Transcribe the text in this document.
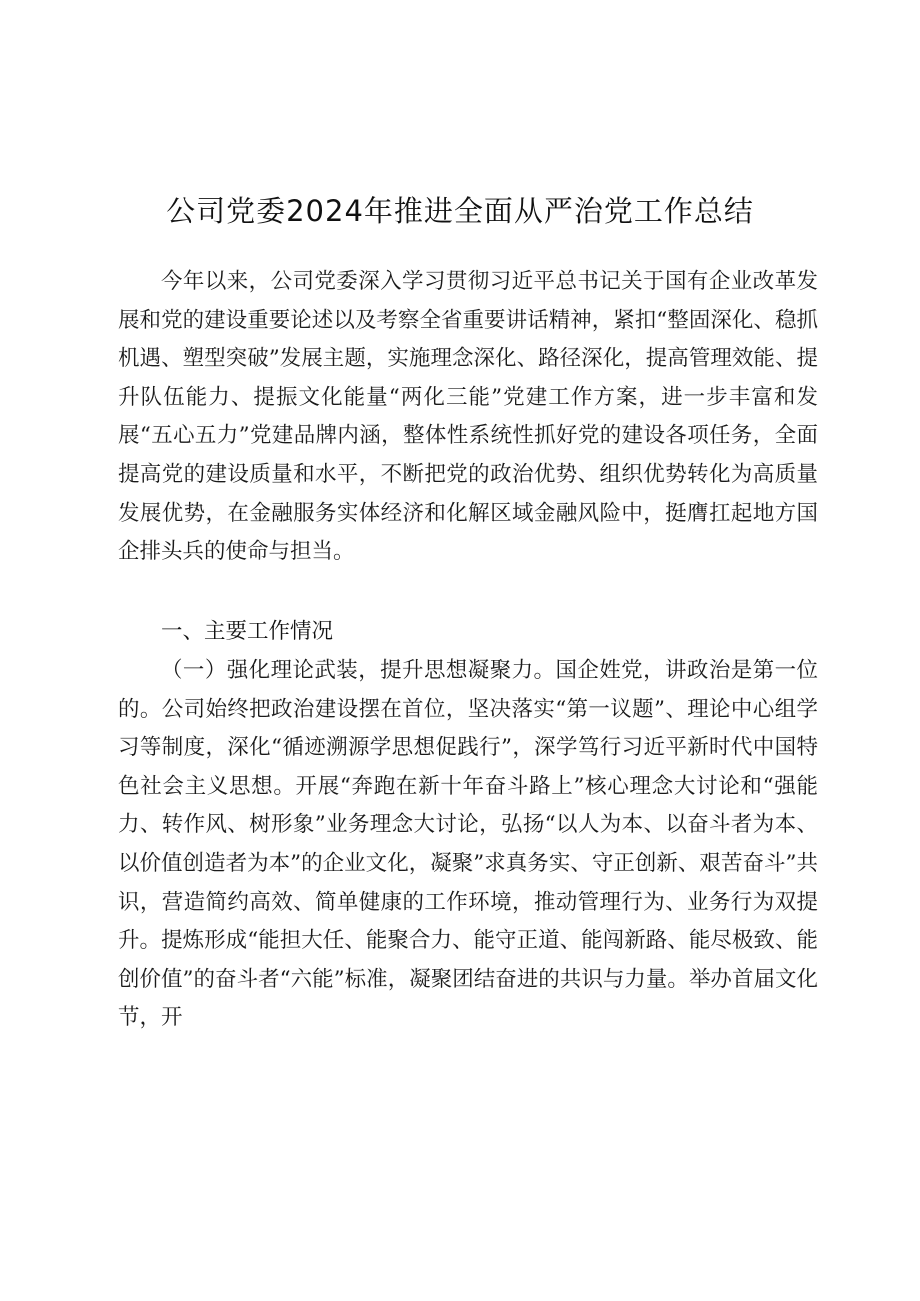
公司党委2024年推进全面从严治党工作总结

今年以来，公司党委深入学习贯彻习近平总书记关于国有企业改革发展和党的建设重要论述以及考察全省重要讲话精神，紧扣“整固深化、稳抓机遇、塑型突破”发展主题，实施理念深化、路径深化，提高管理效能、提升队伍能力、提振文化能量“两化三能”党建工作方案，进一步丰富和发展“五心五力”党建品牌内涵，整体性系统性抓好党的建设各项任务，全面提高党的建设质量和水平，不断把党的政治优势、组织优势转化为高质量发展优势，在金融服务实体经济和化解区域金融风险中，挺膺扛起地方国企排头兵的使命与担当。

一、主要工作情况

（一）强化理论武装，提升思想凝聚力。国企姓党，讲政治是第一位的。公司始终把政治建设摆在首位，坚决落实“第一议题”、理论中心组学习等制度，深化“循迹溯源学思想促践行”，深学笃行习近平新时代中国特色社会主义思想。开展“奔跑在新十年奋斗路上”核心理念大讨论和“强能力、转作风、树形象”业务理念大讨论，弘扬“以人为本、以奋斗者为本、以价值创造者为本”的企业文化，凝聚”求真务实、守正创新、艰苦奋斗”共识，营造简约高效、简单健康的工作环境，推动管理行为、业务行为双提升。提炼形成“能担大任、能聚合力、能守正道、能闯新路、能尽极致、能创价值”的奋斗者“六能”标准，凝聚团结奋进的共识与力量。举办首届文化节，开
